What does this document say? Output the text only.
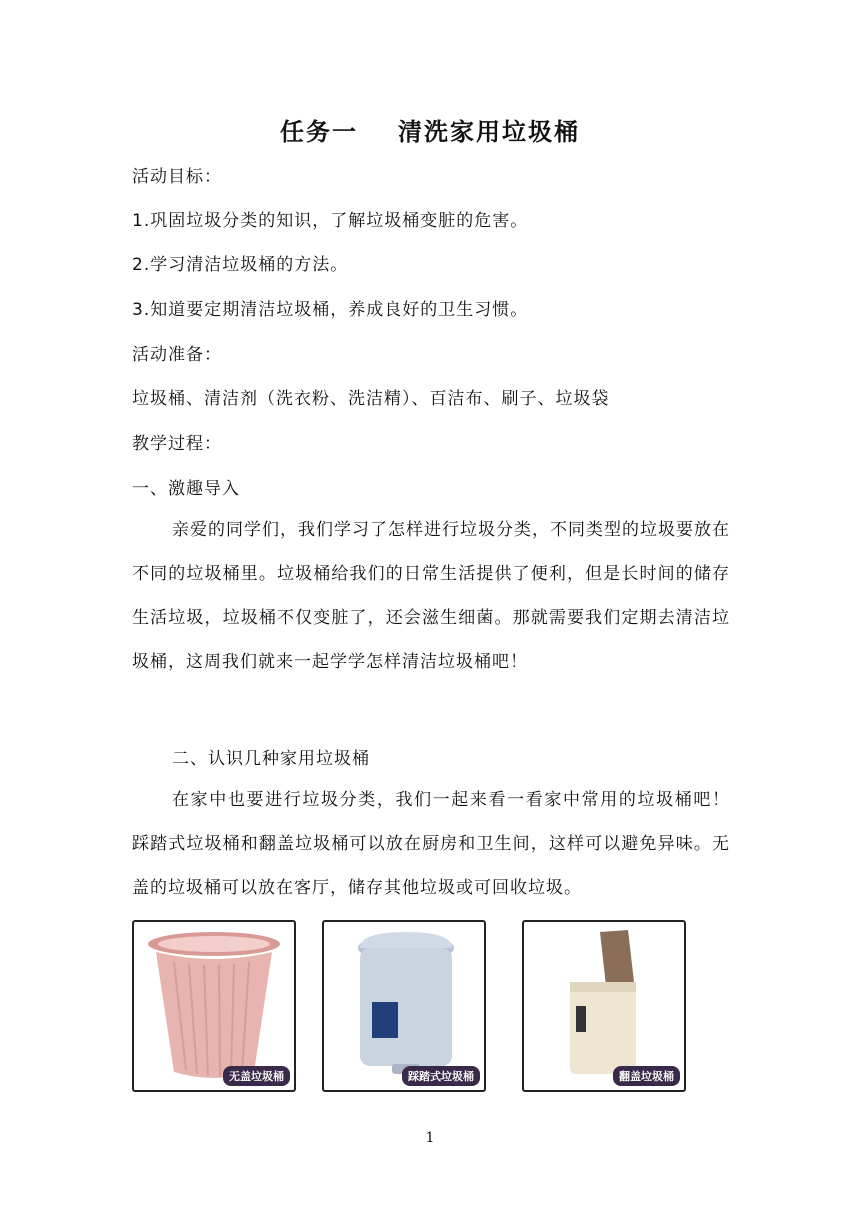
任务一 清洗家用垃圾桶
活动目标：
1.巩固垃圾分类的知识，了解垃圾桶变脏的危害。
2.学习清洁垃圾桶的方法。
3.知道要定期清洁垃圾桶，养成良好的卫生习惯。
活动准备：
垃圾桶、清洁剂（洗衣粉、洗洁精）、百洁布、刷子、垃圾袋
教学过程：
一、激趣导入
亲爱的同学们，我们学习了怎样进行垃圾分类，不同类型的垃圾要放在不同的垃圾桶里。垃圾桶给我们的日常生活提供了便利，但是长时间的储存生活垃圾，垃圾桶不仅变脏了，还会滋生细菌。那就需要我们定期去清洁垃圾桶，这周我们就来一起学学怎样清洁垃圾桶吧！
二、认识几种家用垃圾桶
在家中也要进行垃圾分类，我们一起来看一看家中常用的垃圾桶吧！　踩踏式垃圾桶和翻盖垃圾桶可以放在厨房和卫生间，这样可以避免异味。无盖的垃圾桶可以放在客厅，储存其他垃圾或可回收垃圾。
无盖垃圾桶	踩踏式垃圾桶	翻盖垃圾桶
1
